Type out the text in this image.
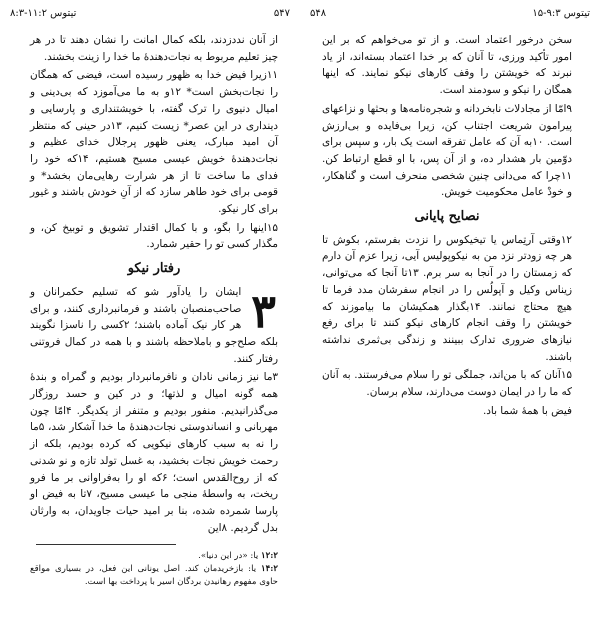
تیتوس ۹:۳-۱۵
۵۴۸

سخن درخور اعتماد است. و از تو می‌خواهم که بر این امور تأکید ورزی، تا آنان که بر خدا اعتماد بسته‌اند، از یاد نبرند که خویشتن را وقف کارهای نیکو نمایند. که اینها همگان را نیکو و سودمند است.

۹امّا از مجادلات نابخردانه و شجره‌نامه‌ها و بحثها و نزاعهای پیرامون شریعت اجتناب کن، زیرا بی‌فایده و بی‌ارزش است. ۱۰به آن که عامل تفرقه است یک بار، و سپس برای دوّمین بار هشدار ده، و از آن پس، با او قطع ارتباط کن. ۱۱چرا که می‌دانی چنین شخصی منحرف است و گناهکار، و خودْ عامل محکومیت خویش.

نصایح پایانی

۱۲وقتی آرتِماس یا تیخیکوس را نزدت بفرستم، بکوش تا هر چه زودتر نزد من به نیکوپولیس آیی، زیرا عزم آن دارم که زمستان را در آنجا به سر برم. ۱۳تا آنجا که می‌توانی، زیناس وکیل و آپولُس را در انجام سفرشان مدد فرما تا هیچ محتاج نمانند. ۱۴بگذار همکیشان ما بیاموزند که خویشتن را وقف انجام کارهای نیکو کنند تا برای رفع نیازهای ضروری تدارک ببینند و زندگی بی‌ثمری نداشته باشند.

۱۵آنان که با من‌اند، جملگی تو را سلام می‌فرستند. به آنان که ما را در ایمان دوست می‌دارند، سلام برسان.

فیض با همهٔ شما باد.

۵۴۷
تیتوس ۱۱:۲-۸:۳

از آنان نددزدند، بلکه کمال امانت را نشان دهند تا در هر چیز تعلیم مربوط به نجات‌دهندهٔ ما خدا را زینت بخشند.

۱۱زیرا فیض خدا به ظهور رسیده است، فیضی که همگان را نجات‌بخش است* ۱۲و به ما می‌آموزد که بی‌دینی و امیال دنیوی را ترک گفته، با خویشتنداری و پارسایی و دینداری در این عصر* زیست کنیم، ۱۳در حینی که منتظر آن امید مبارک، یعنی ظهور پرجلال خدای عظیم و نجات‌دهندهٔ خویش عیسی مسیح هستیم، ۱۴که خود را فدای ما ساخت تا از هر شرارت رهایی‌مان بخشد* و قومی برای خود طاهر سازد که از آنِ خودش باشند و غیور برای کار نیکو.

۱۵اینها را بگو، و با کمال اقتدار تشویق و توبیخ کن، و مگذار کسی تو را حقیر شمارد.

رفتار نیکو
۳

ایشان را یادآور شو که تسلیم حکمرانان و صاحب‌منصبان باشند و فرمانبرداری کنند، و برای هر کار نیک آماده باشند؛ ۲کسی را ناسزا نگویند بلکه صلح‌جو و باملاحظه باشند و با همه در کمال فروتنی رفتار کنند.

۳ما نیز زمانی نادان و نافرمانبردار بودیم و گمراه و بندهٔ همه گونه امیال و لذتها؛ و در کین و حسد روزگار می‌گذرانیدیم. منفور بودیم و متنفر از یکدیگر. ۴امّا چون مهربانی و انساندوستی نجات‌دهندهٔ ما خدا آشکار شد، ۵ما را نه به سبب کارهای نیکویی که کرده بودیم، بلکه از رحمت خویش نجات بخشید، به غسل تولد تازه و نو شدنی که از روح‌القدس است؛ ۶که او را به‌فراوانی بر ما فرو ریخت، به واسطهٔ منجی ما عیسی مسیح، ۷تا به فیض او پارسا شمرده شده، بنا بر امید حیات جاویدان، به وارثان بدل گردیم. ۸این

۱۲:۲ یا: «در این دنیا».

۱۴:۲ یا: بازخریدمان کند. اصل یونانی این فعل، در بسیاری مواقع حاوی مفهوم رهانیدن بردگان اسیر با پرداخت بها است.
